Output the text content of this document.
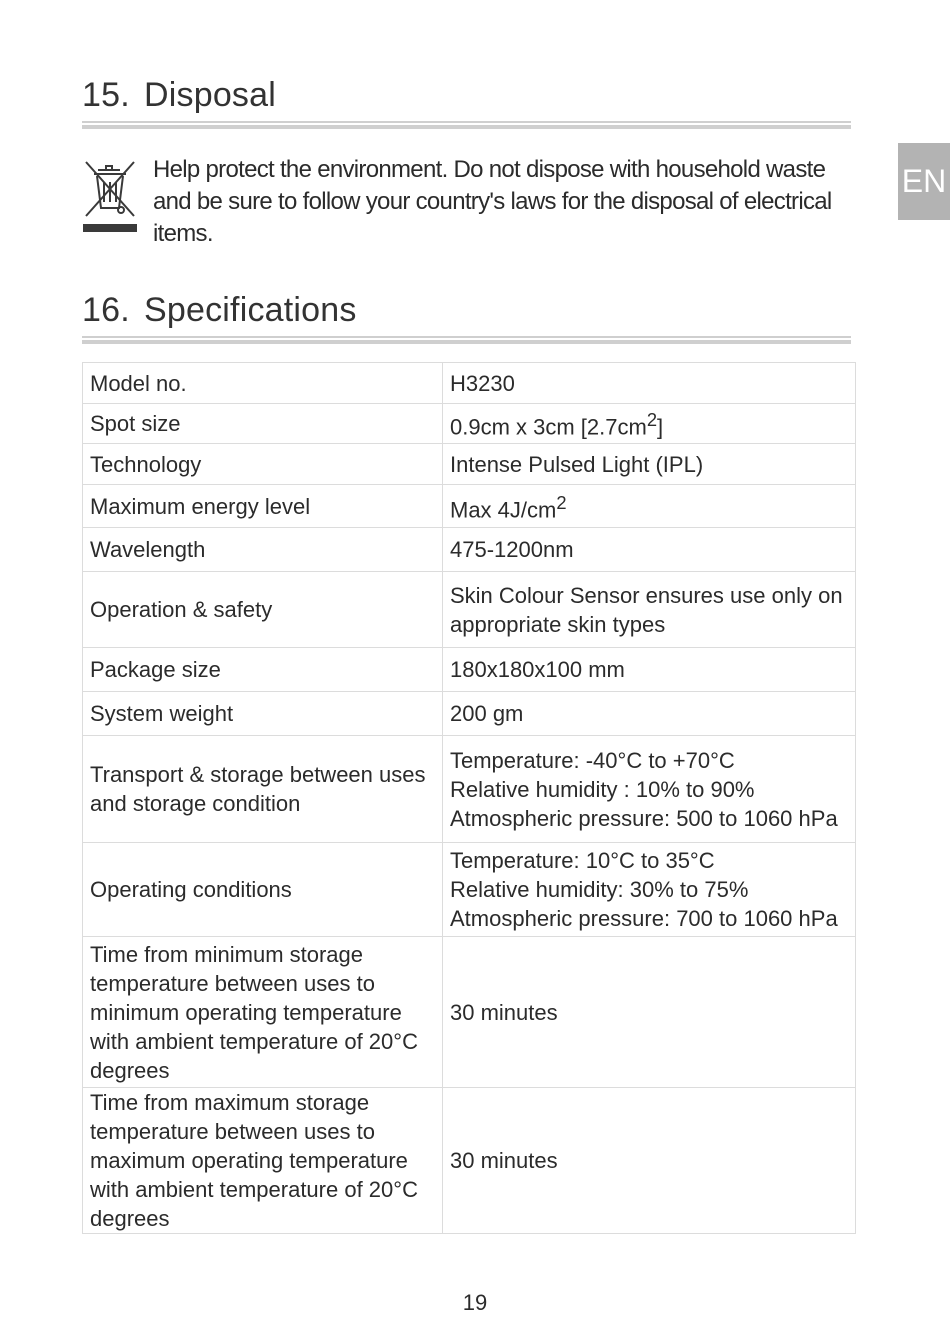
15. Disposal

Help protect the environment. Do not dispose with household waste and be sure to follow your country's laws for the disposal of electrical items.

EN
16. Specifications
Model no.	H3230
Spot size	0.9cm x 3cm $[2.7cm^2]$
Technology	Intense Pulsed Light (IPL)
Maximum energy level	Max $4J/cm^2$
Wavelength	475-1200nm
Operation & safety	Skin Colour Sensor ensures use only on appropriate skin types
Package size	180x180x100 mm
System weight	200 gm
Transport & storage between uses and storage condition	Temperature: -40°C to +70°C
Relative humidity : 10% to 90%
Atmospheric pressure: 500 to 1060 hPa

Operating conditions	Temperature: 10°C to 35°C
Relative humidity: 30% to 75%
Atmospheric pressure: 700 to 1060 hPa

Time from minimum storage temperature between uses to minimum operating temperature with ambient temperature of 20°C degrees	30 minutes
Time from maximum storage temperature between uses to maximum operating temperature with ambient temperature of 20°C degrees	30 minutes
19
